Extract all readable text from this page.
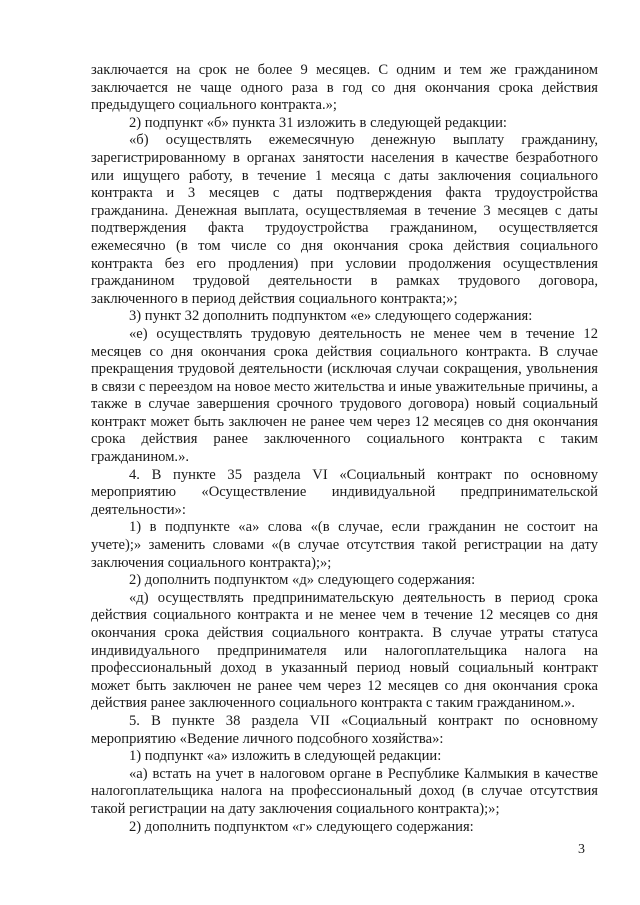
заключается на срок не более 9 месяцев. С одним и тем же гражданином заключается не чаще одного раза в год со дня окончания срока действия предыдущего социального контракта.»;

2) подпункт «б» пункта 31 изложить в следующей редакции:

«б) осуществлять ежемесячную денежную выплату гражданину, зарегистрированному в органах занятости населения в качестве безработного или ищущего работу, в течение 1 месяца с даты заключения социального контракта и 3 месяцев с даты подтверждения факта трудоустройства гражданина. Денежная выплата, осуществляемая в течение 3 месяцев с даты подтверждения факта трудоустройства гражданином, осуществляется ежемесячно (в том числе со дня окончания срока действия социального контракта без его продления) при условии продолжения осуществления гражданином трудовой деятельности в рамках трудового договора, заключенного в период действия социального контракта;»;

3) пункт 32 дополнить подпунктом «е» следующего содержания:

«е) осуществлять трудовую деятельность не менее чем в течение 12 месяцев со дня окончания срока действия социального контракта. В случае прекращения трудовой деятельности (исключая случаи сокращения, увольнения в связи с переездом на новое место жительства и иные уважительные причины, а также в случае завершения срочного трудового договора) новый социальный контракт может быть заключен не ранее чем через 12 месяцев со дня окончания срока действия ранее заключенного социального контракта с таким гражданином.».

4. В пункте 35 раздела VI «Социальный контракт по основному мероприятию «Осуществление индивидуальной предпринимательской деятельности»:

1) в подпункте «а» слова «(в случае, если гражданин не состоит на учете);» заменить словами «(в случае отсутствия такой регистрации на дату заключения социального контракта);»;

2) дополнить подпунктом «д» следующего содержания:

«д) осуществлять предпринимательскую деятельность в период срока действия социального контракта и не менее чем в течение 12 месяцев со дня окончания срока действия социального контракта. В случае утраты статуса индивидуального предпринимателя или налогоплательщика налога на профессиональный доход в указанный период новый социальный контракт может быть заключен не ранее чем через 12 месяцев со дня окончания срока действия ранее заключенного социального контракта с таким гражданином.».

5. В пункте 38 раздела VII «Социальный контракт по основному мероприятию «Ведение личного подсобного хозяйства»:

1) подпункт «а» изложить в следующей редакции:

«а) встать на учет в налоговом органе в Республике Калмыкия в качестве налогоплательщика налога на профессиональный доход (в случае отсутствия такой регистрации на дату заключения социального контракта);»;

2) дополнить подпунктом «г» следующего содержания:

3
